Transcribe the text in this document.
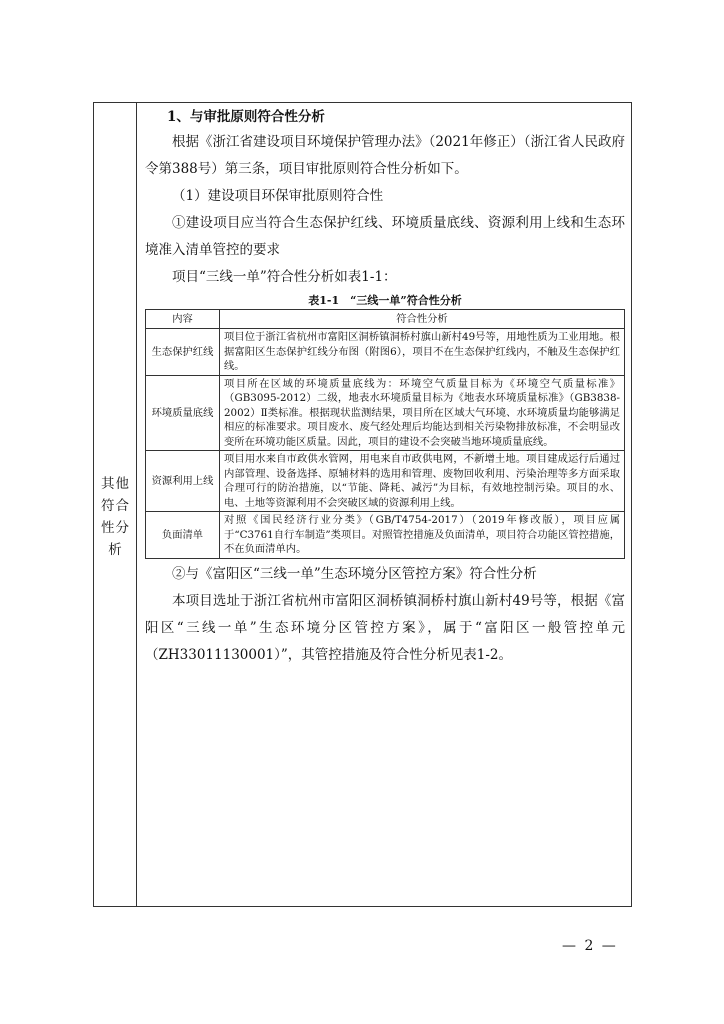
其他
符合
性分
析
1、与审批原则符合性分析

根据《浙江省建设项目环境保护管理办法》（2021年修正）（浙江省人民政府令第388号）第三条，项目审批原则符合性分析如下。

（1）建设项目环保审批原则符合性

①建设项目应当符合生态保护红线、环境质量底线、资源利用上线和生态环境准入清单管控的要求

项目“三线一单”符合性分析如表1-1：

表1-1　“三线一单”符合性分析
内容	符合性分析
生态保护红线	项目位于浙江省杭州市富阳区洞桥镇洞桥村旗山新村49号等，用地性质为工业用地。根据富阳区生态保护红线分布图（附图6），项目不在生态保护红线内，不触及生态保护红线。
环境质量底线	项目所在区域的环境质量底线为：环境空气质量目标为《环境空气质量标准》（GB3095-2012）二级，地表水环境质量目标为《地表水环境质量标准》（GB3838-2002）Ⅱ类标准。根据现状监测结果，项目所在区域大气环境、水环境质量均能够满足相应的标准要求。项目废水、废气经处理后均能达到相关污染物排放标准，不会明显改变所在环境功能区质量。因此，项目的建设不会突破当地环境质量底线。
资源利用上线	项目用水来自市政供水管网，用电来自市政供电网，不新增土地。项目建成运行后通过内部管理、设备选择、原辅材料的选用和管理、废物回收利用、污染治理等多方面采取合理可行的防治措施，以“节能、降耗、减污”为目标，有效地控制污染。项目的水、电、土地等资源利用不会突破区域的资源利用上线。
负面清单	对照《国民经济行业分类》（GB/T4754-2017）（2019年修改版），项目应属于“C3761自行车制造”类项目。对照管控措施及负面清单，项目符合功能区管控措施，不在负面清单内。

②与《富阳区“三线一单”生态环境分区管控方案》符合性分析

本项目选址于浙江省杭州市富阳区洞桥镇洞桥村旗山新村49号等，根据《富阳区“三线一单”生态环境分区管控方案》，属于“富阳区一般管控单元（ZH33011130001）”，其管控措施及符合性分析见表1-2。

— 2 —
